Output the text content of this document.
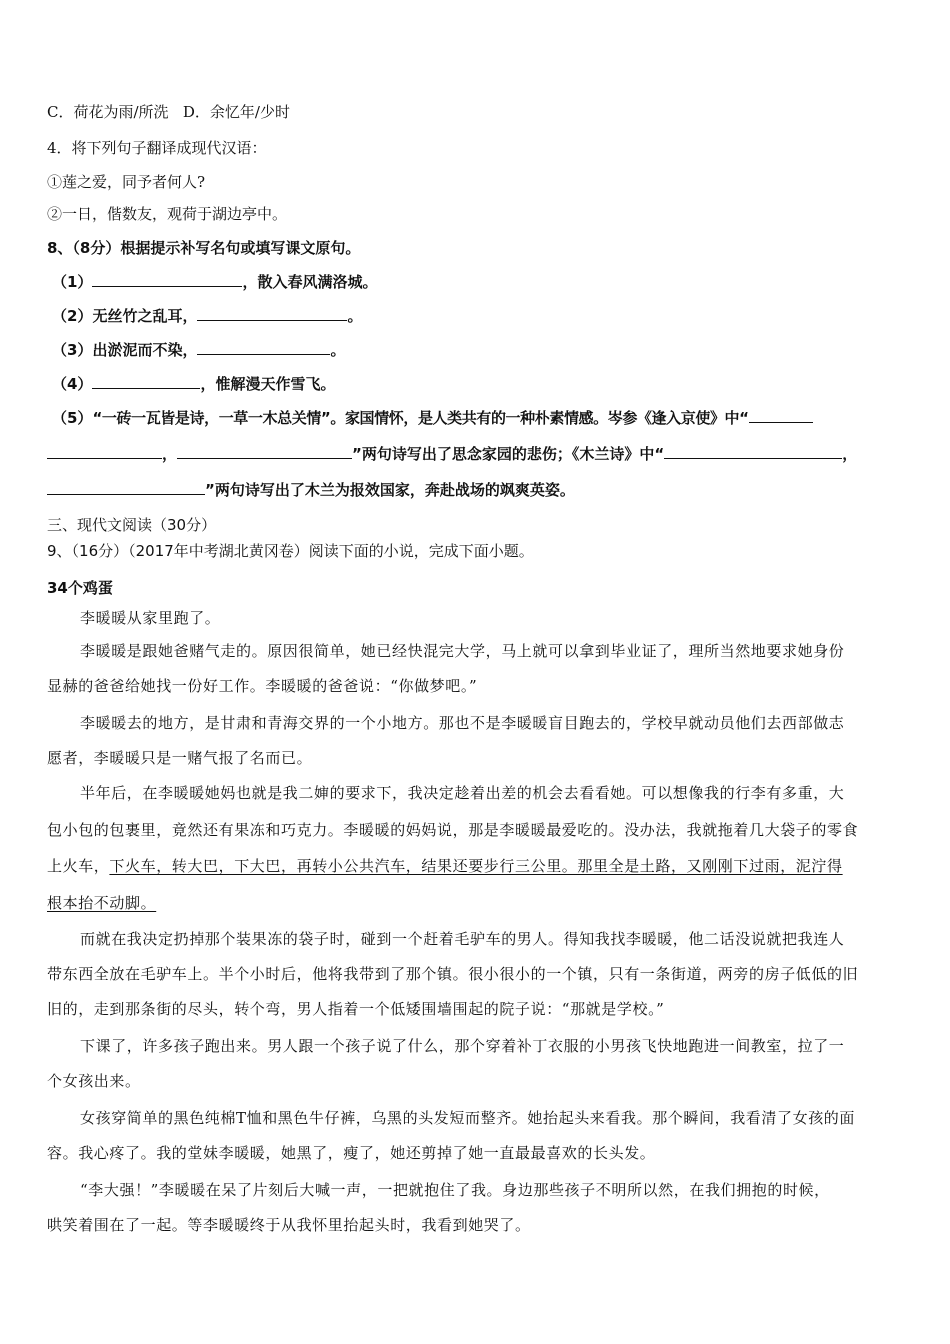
C．荷花为雨/所洗 D．余忆年/少时
4．将下列句子翻译成现代汉语：
①莲之爱，同予者何人?
②一日，偕数友，观荷于湖边亭中。
8、（8分）根据提示补写名句或填写课文原句。
（1）	，散入春风满洛城。
（2）无丝竹之乱耳，	。
（3）出淤泥而不染，	。
（4）	，惟解漫天作雪飞。
（5）“一砖一瓦皆是诗，一草一木总关情”。家国情怀，是人类共有的一种朴素情感。岑参《逢入京使》中“
，	”两句诗写出了思念家园的悲伤；《木兰诗》中“	，
”两句诗写出了木兰为报效国家，奔赴战场的飒爽英姿。
三、现代文阅读（30分）
9、（16分）（2017年中考湖北黄冈卷）阅读下面的小说，完成下面小题。
34个鸡蛋
李暖暖从家里跑了。
李暖暖是跟她爸赌气走的。原因很简单，她已经快混完大学，马上就可以拿到毕业证了，理所当然地要求她身份
显赫的爸爸给她找一份好工作。李暖暖的爸爸说：“你做梦吧。”
李暖暖去的地方，是甘肃和青海交界的一个小地方。那也不是李暖暖盲目跑去的，学校早就动员他们去西部做志
愿者，李暖暖只是一赌气报了名而已。
半年后，在李暖暖她妈也就是我二婶的要求下，我决定趁着出差的机会去看看她。可以想像我的行李有多重，大
包小包的包裹里，竟然还有果冻和巧克力。李暖暖的妈妈说，那是李暖暖最爱吃的。没办法，我就拖着几大袋子的零食
上火车，下火车，转大巴，下大巴，再转小公共汽车，结果还要步行三公里。那里全是土路，又刚刚下过雨，泥泞得
根本抬不动脚。
而就在我决定扔掉那个装果冻的袋子时，碰到一个赶着毛驴车的男人。得知我找李暖暖，他二话没说就把我连人
带东西全放在毛驴车上。半个小时后，他将我带到了那个镇。很小很小的一个镇，只有一条街道，两旁的房子低低的旧
旧的，走到那条街的尽头，转个弯，男人指着一个低矮围墙围起的院子说：“那就是学校。”
下课了，许多孩子跑出来。男人跟一个孩子说了什么，那个穿着补丁衣服的小男孩飞快地跑进一间教室，拉了一
个女孩出来。
女孩穿简单的黑色纯棉T恤和黑色牛仔裤，乌黑的头发短而整齐。她抬起头来看我。那个瞬间，我看清了女孩的面
容。我心疼了。我的堂妹李暖暖，她黑了，瘦了，她还剪掉了她一直最最喜欢的长头发。
“李大强！”李暖暖在呆了片刻后大喊一声，一把就抱住了我。身边那些孩子不明所以然，在我们拥抱的时候，
哄笑着围在了一起。等李暖暖终于从我怀里抬起头时，我看到她哭了。
